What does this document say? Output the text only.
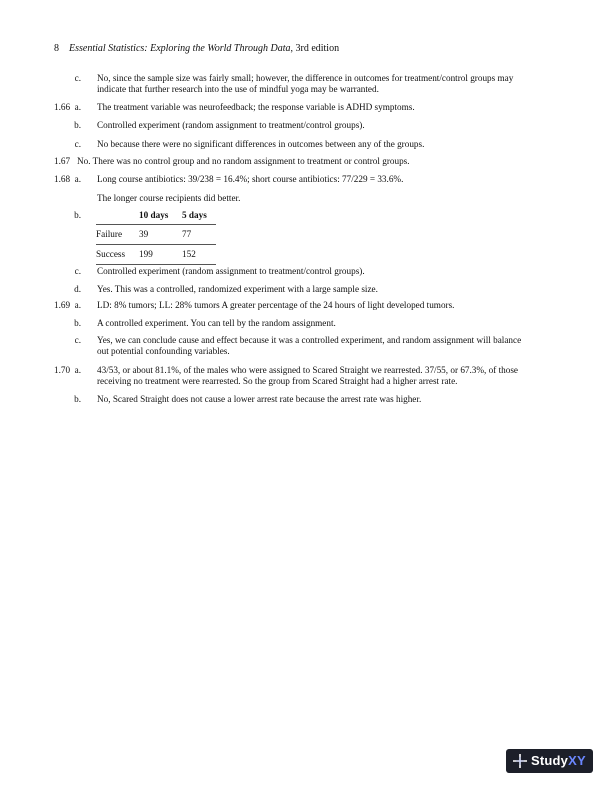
8 Essential Statistics: Exploring the World Through Data, 3rd edition
c. No, since the sample size was fairly small; however, the difference in outcomes for treatment/control groups may indicate that further research into the use of mindful yoga may be warranted.
1.66 a. The treatment variable was neurofeedback; the response variable is ADHD symptoms.
b. Controlled experiment (random assignment to treatment/control groups).
c. No because there were no significant differences in outcomes between any of the groups.
1.67 No. There was no control group and no random assignment to treatment or control groups.
1.68 a. Long course antibiotics: 39/238 = 16.4%; short course antibiotics: 77/229 = 33.6%.
The longer course recipients did better.
b.
		10 days	5 days
Failure	39	77
Success	199	152
c. Controlled experiment (random assignment to treatment/control groups).
d. Yes. This was a controlled, randomized experiment with a large sample size.
1.69 a. LD: 8% tumors; LL: 28% tumors A greater percentage of the 24 hours of light developed tumors.
b. A controlled experiment. You can tell by the random assignment.
c. Yes, we can conclude cause and effect because it was a controlled experiment, and random assignment will balance out potential confounding variables.
1.70 a. 43/53, or about 81.1%, of the males who were assigned to Scared Straight we rearrested. 37/55, or 67.3%, of those receiving no treatment were rearrested. So the group from Scared Straight had a higher arrest rate.
b. No, Scared Straight does not cause a lower arrest rate because the arrest rate was higher.
StudyXY
